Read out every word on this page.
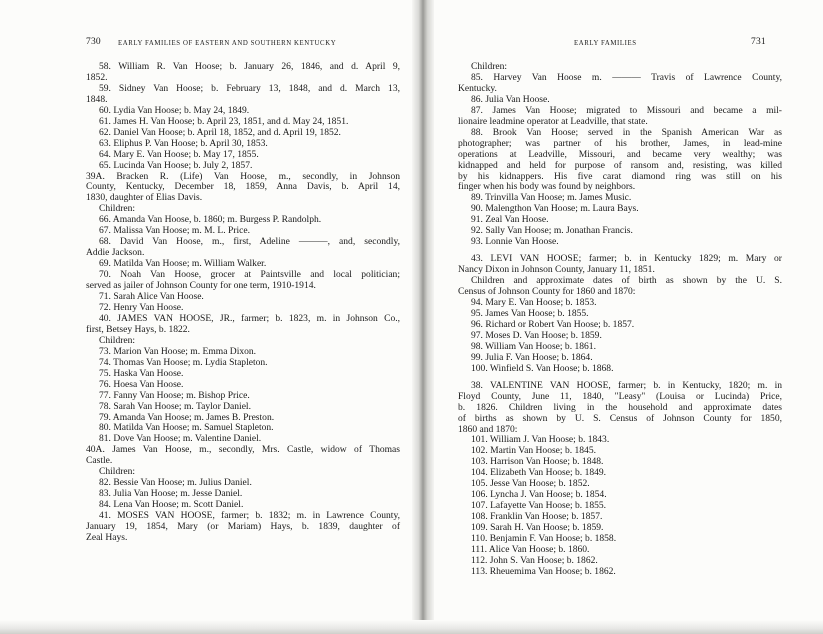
730	EARLY FAMILIES OF EASTERN AND SOUTHERN KENTUCKY
58. William R. Van Hoose; b. January 26, 1846, and d. April 9,
1852.
59. Sidney Van Hoose; b. February 13, 1848, and d. March 13,
1848.
60. Lydia Van Hoose; b. May 24, 1849.
61. James H. Van Hoose; b. April 23, 1851, and d. May 24, 1851.
62. Daniel Van Hoose; b. April 18, 1852, and d. April 19, 1852.
63. Eliphus P. Van Hoose; b. April 30, 1853.
64. Mary E. Van Hoose; b. May 17, 1855.
65. Lucinda Van Hoose; b. July 2, 1857.
39A. Bracken R. (Life) Van Hoose, m., secondly, in Johnson
County, Kentucky, December 18, 1859, Anna Davis, b. April 14,
1830, daughter of Elias Davis.
Children:
66. Amanda Van Hoose, b. 1860; m. Burgess P. Randolph.
67. Malissa Van Hoose; m. M. L. Price.
68. David Van Hoose, m., first, Adeline ———, and, secondly,
Addie Jackson.
69. Matilda Van Hoose; m. William Walker.
70. Noah Van Hoose, grocer at Paintsville and local politician;
served as jailer of Johnson County for one term, 1910-1914.
71. Sarah Alice Van Hoose.
72. Henry Van Hoose.
40. JAMES VAN HOOSE, JR., farmer; b. 1823, m. in Johnson Co.,
first, Betsey Hays, b. 1822.
Children:
73. Marion Van Hoose; m. Emma Dixon.
74. Thomas Van Hoose; m. Lydia Stapleton.
75. Haska Van Hoose.
76. Hoesa Van Hoose.
77. Fanny Van Hoose; m. Bishop Price.
78. Sarah Van Hoose; m. Taylor Daniel.
79. Amanda Van Hoose; m. James B. Preston.
80. Matilda Van Hoose; m. Samuel Stapleton.
81. Dove Van Hoose; m. Valentine Daniel.
40A. James Van Hoose, m., secondly, Mrs. Castle, widow of Thomas
Castle.
Children:
82. Bessie Van Hoose; m. Julius Daniel.
83. Julia Van Hoose; m. Jesse Daniel.
84. Lena Van Hoose; m. Scott Daniel.
41. MOSES VAN HOOSE, farmer; b. 1832; m. in Lawrence County,
January 19, 1854, Mary (or Mariam) Hays, b. 1839, daughter of
Zeal Hays.
EARLY FAMILIES	731
Children:
85. Harvey Van Hoose m. ——— Travis of Lawrence County,
Kentucky.
86. Julia Van Hoose.
87. James Van Hoose; migrated to Missouri and became a mil-
lionaire leadmine operator at Leadville, that state.
88. Brook Van Hoose; served in the Spanish American War as
photographer; was partner of his brother, James, in lead-mine
operations at Leadville, Missouri, and became very wealthy; was
kidnapped and held for purpose of ransom and, resisting, was killed
by his kidnappers. His five carat diamond ring was still on his
finger when his body was found by neighbors.
89. Trinvilla Van Hoose; m. James Music.
90. Malengthon Van Hoose; m. Laura Bays.
91. Zeal Van Hoose.
92. Sally Van Hoose; m. Jonathan Francis.
93. Lonnie Van Hoose.
43. LEVI VAN HOOSE; farmer; b. in Kentucky 1829; m. Mary or
Nancy Dixon in Johnson County, January 11, 1851.
Children and approximate dates of birth as shown by the U. S.
Census of Johnson County for 1860 and 1870:
94. Mary E. Van Hoose; b. 1853.
95. James Van Hoose; b. 1855.
96. Richard or Robert Van Hoose; b. 1857.
97. Moses D. Van Hoose; b. 1859.
98. William Van Hoose; b. 1861.
99. Julia F. Van Hoose; b. 1864.
100. Winfield S. Van Hoose; b. 1868.
38. VALENTINE VAN HOOSE, farmer; b. in Kentucky, 1820; m. in
Floyd County, June 11, 1840, "Leasy" (Louisa or Lucinda) Price,
b. 1826. Children living in the household and approximate dates
of births as shown by U. S. Census of Johnson County for 1850,
1860 and 1870:
101. William J. Van Hoose; b. 1843.
102. Martin Van Hoose; b. 1845.
103. Harrison Van Hoose; b. 1848.
104. Elizabeth Van Hoose; b. 1849.
105. Jesse Van Hoose; b. 1852.
106. Lyncha J. Van Hoose; b. 1854.
107. Lafayette Van Hoose; b. 1855.
108. Franklin Van Hoose; b. 1857.
109. Sarah H. Van Hoose; b. 1859.
110. Benjamin F. Van Hoose; b. 1858.
111. Alice Van Hoose; b. 1860.
112. John S. Van Hoose; b. 1862.
113. Rheuemima Van Hoose; b. 1862.
